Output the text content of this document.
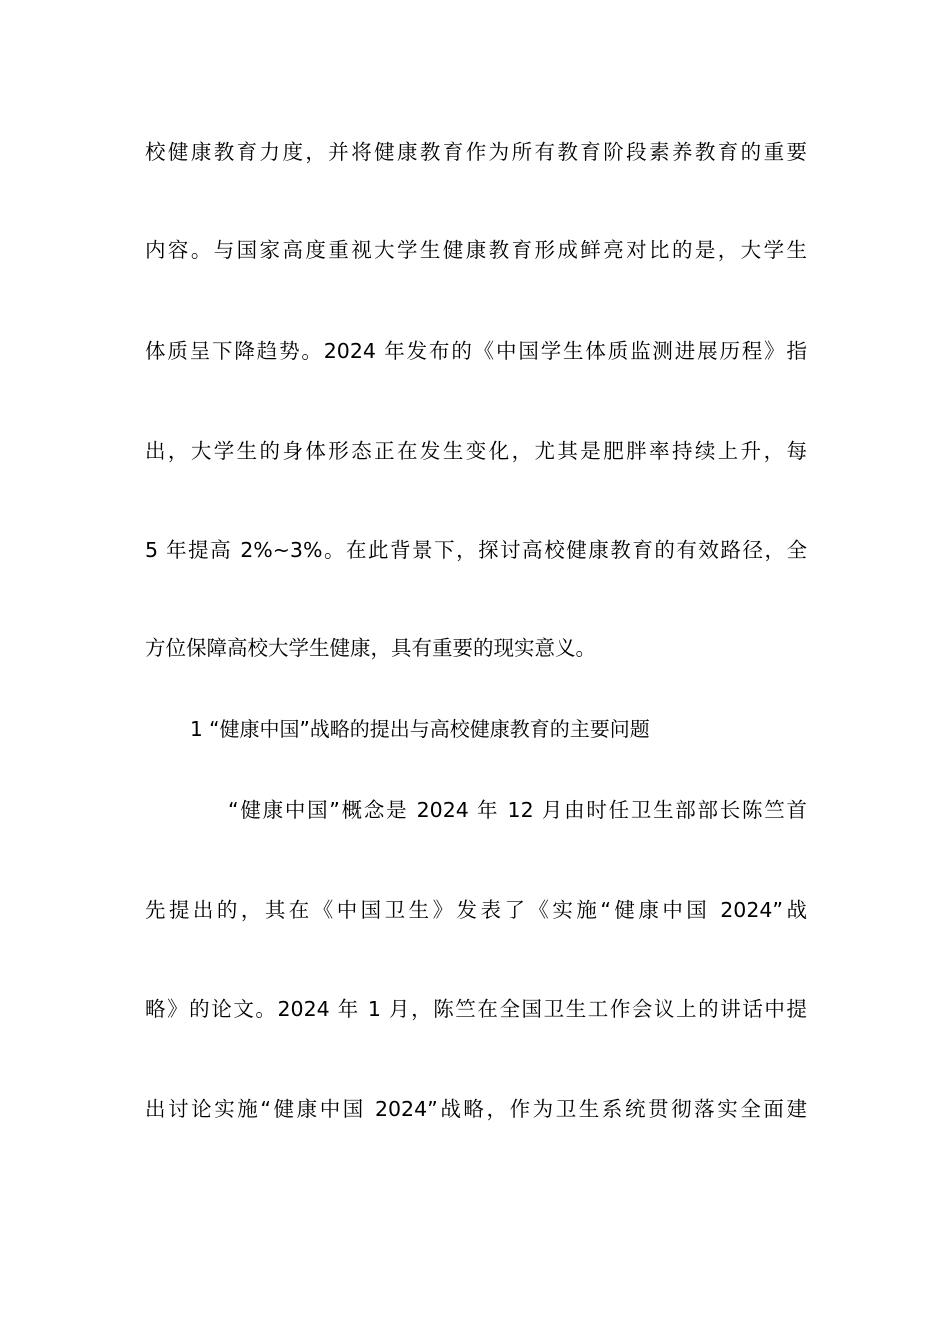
校健康教育力度，并将健康教育作为所有教育阶段素养教育的重要
内容。与国家高度重视大学生健康教育形成鲜亮对比的是，大学生
体质呈下降趋势。2024 年发布的《中国学生体质监测进展历程》指
出，大学生的身体形态正在发生变化，尤其是肥胖率持续上升，每
5 年提高 2%~3%。在此背景下，探讨高校健康教育的有效路径，全
方位保障高校大学生健康，具有重要的现实意义。
1 “健康中国”战略的提出与高校健康教育的主要问题
“健康中国”概念是 2024 年 12 月由时任卫生部部长陈竺首
先提出的，其在《中国卫生》发表了《实施“健康中国 2024”战
略》的论文。2024 年 1 月，陈竺在全国卫生工作会议上的讲话中提
出讨论实施“健康中国 2024”战略，作为卫生系统贯彻落实全面建
